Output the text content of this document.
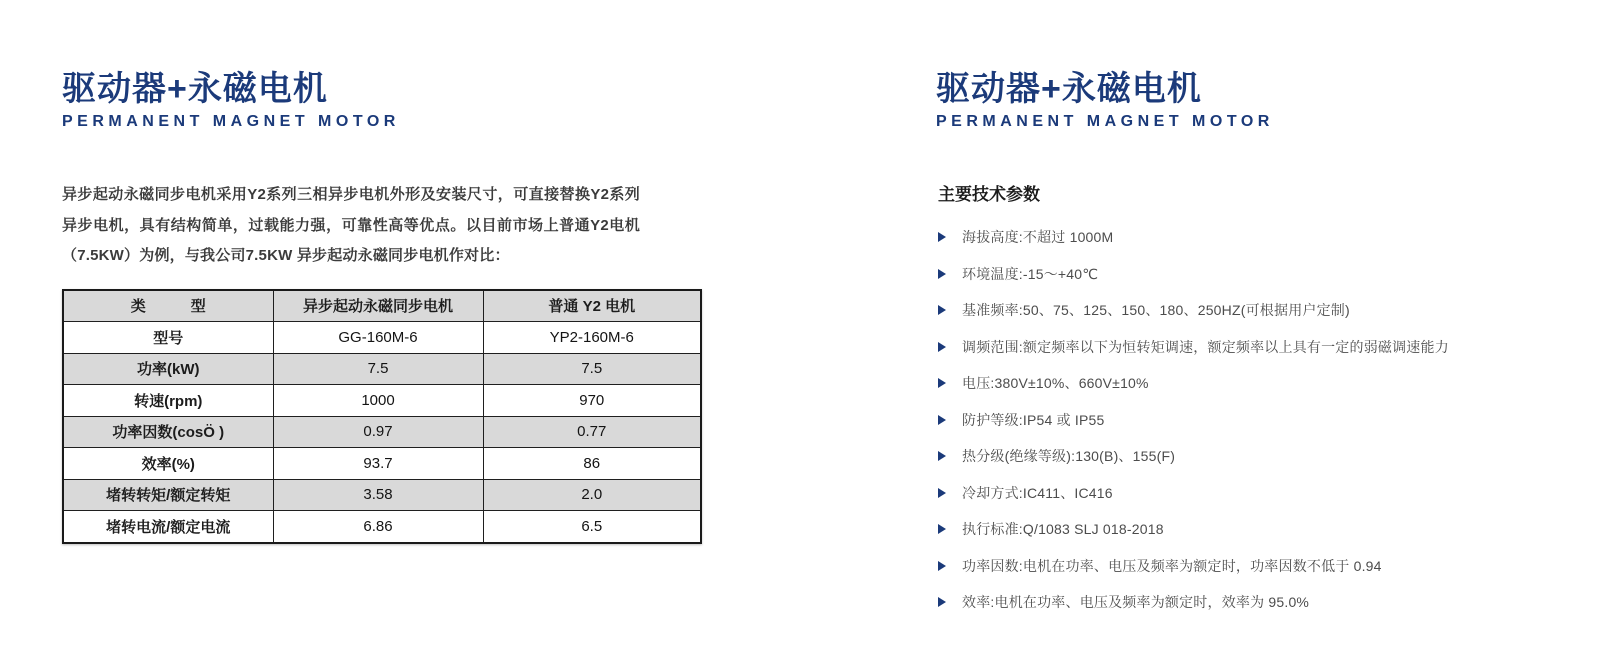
驱动器+永磁电机
PERMANENT MAGNET MOTOR

异步起动永磁同步电机采用Y2系列三相异步电机外形及安装尺寸，可直接替换Y2系列异步电机，具有结构简单，过载能力强，可靠性高等优点。以目前市场上普通Y2电机（7.5KW）为例，与我公司7.5KW 异步起动永磁同步电机作对比：

类　　　型	异步起动永磁同步电机	普通 Y2 电机
型号	GG-160M-6	YP2-160M-6
功率(kW)	7.5	7.5
转速(rpm)	1000	970
功率因数(cosÖ )	0.97	0.77
效率(%)	93.7	86
堵转转矩/额定转矩	3.58	2.0
堵转电流/额定电流	6.86	6.5
驱动器+永磁电机
PERMANENT MAGNET MOTOR
主要技术参数
海拔高度:不超过 1000M
环境温度:-15～+40℃
基准频率:50、75、125、150、180、250HZ(可根据用户定制)
调频范围:额定频率以下为恒转矩调速，额定频率以上具有一定的弱磁调速能力
电压:380V±10%、660V±10%
防护等级:IP54 或 IP55
热分级(绝缘等级):130(B)、155(F)
冷却方式:IC411、IC416
执行标准:Q/1083 SLJ 018-2018
功率因数:电机在功率、电压及频率为额定时，功率因数不低于 0.94
效率:电机在功率、电压及频率为额定时，效率为 95.0%
